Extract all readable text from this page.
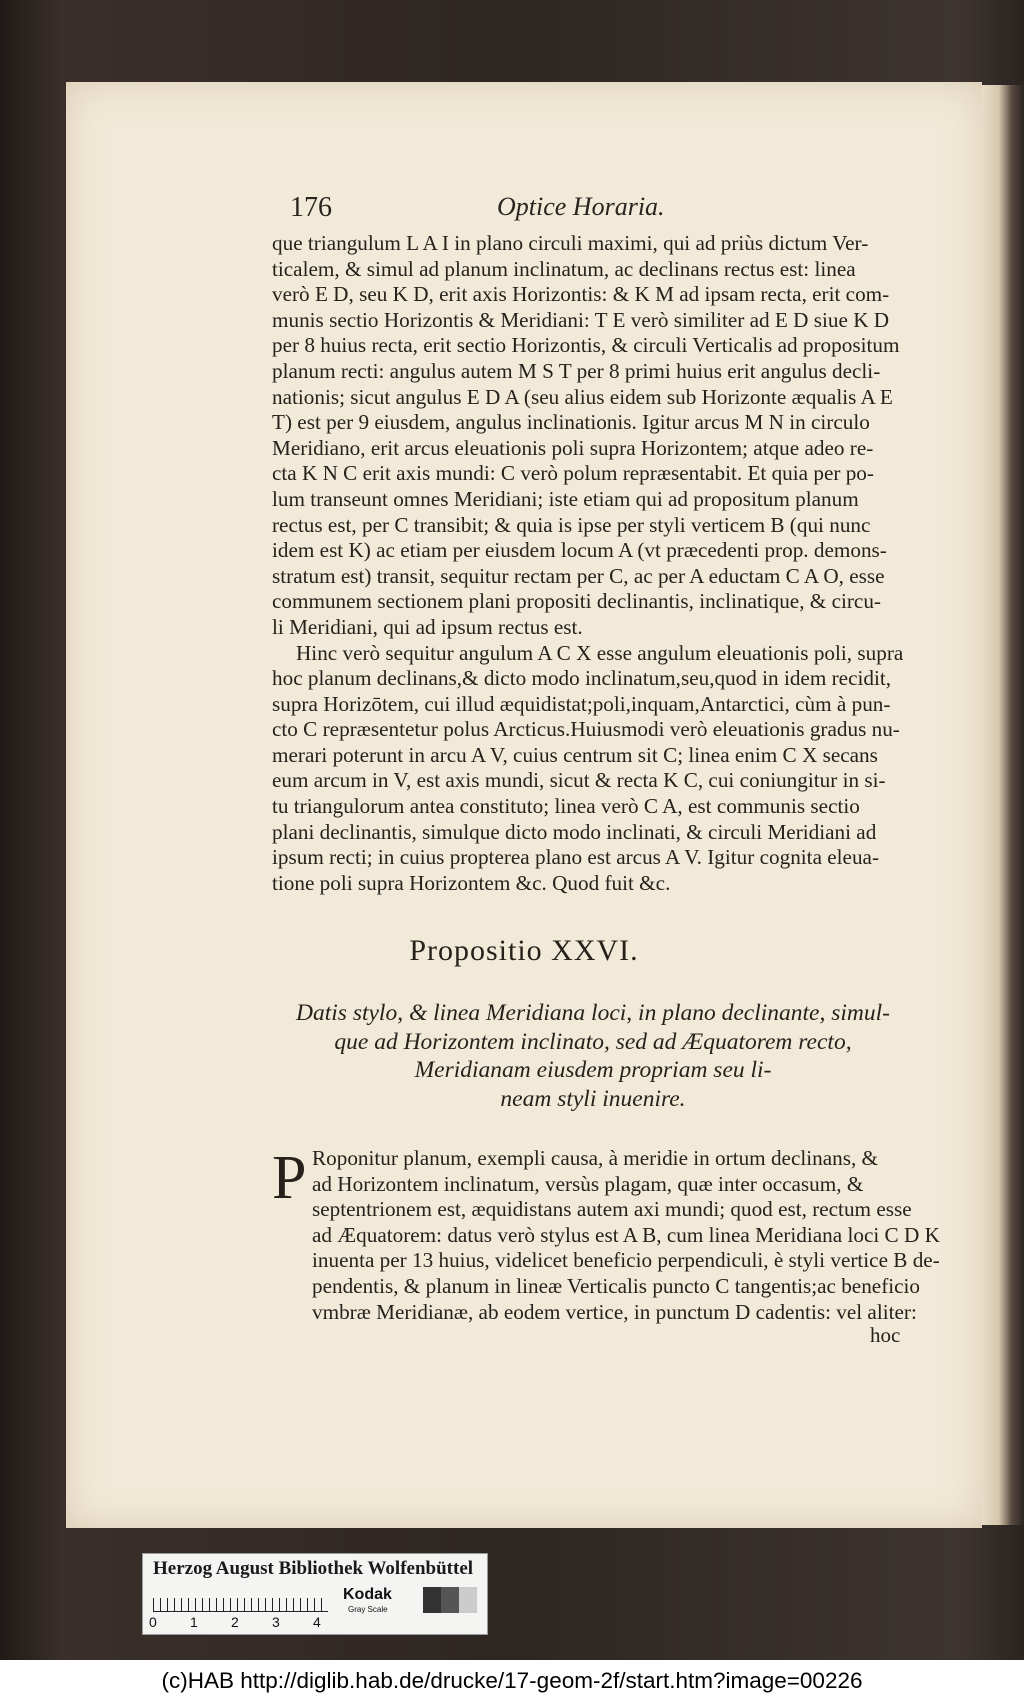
176	Optice Horaria.
que triangulum L A I in plano circuli maximi, qui ad priùs dictum Ver-
ticalem, & simul ad planum inclinatum, ac declinans rectus est: linea
verò E D, seu K D, erit axis Horizontis: & K M ad ipsam recta, erit com-
munis sectio Horizontis & Meridiani: T E verò similiter ad E D siue K D
per 8 huius recta, erit sectio Horizontis, & circuli Verticalis ad propositum
planum recti: angulus autem M S T per 8 primi huius erit angulus decli-
nationis; sicut angulus E D A (seu alius eidem sub Horizonte æqualis A E
T) est per 9 eiusdem, angulus inclinationis. Igitur arcus M N in circulo
Meridiano, erit arcus eleuationis poli supra Horizontem; atque adeo re-
cta K N C erit axis mundi: C verò polum repræsentabit. Et quia per po-
lum transeunt omnes Meridiani; iste etiam qui ad propositum planum
rectus est, per C transibit; & quia is ipse per styli verticem B (qui nunc
idem est K) ac etiam per eiusdem locum A (vt præcedenti prop. demons-
stratum est) transit, sequitur rectam per C, ac per A eductam C A O, esse
communem sectionem plani propositi declinantis, inclinatique, & circu-
li Meridiani, qui ad ipsum rectus est.
Hinc verò sequitur angulum A C X esse angulum eleuationis poli, supra
hoc planum declinans,& dicto modo inclinatum,seu,quod in idem recidit,
supra Horizōtem, cui illud æquidistat;poli,inquam,Antarctici, cùm à pun-
cto C repræsentetur polus Arcticus.Huiusmodi verò eleuationis gradus nu-
merari poterunt in arcu A V, cuius centrum sit C; linea enim C X secans
eum arcum in V, est axis mundi, sicut & recta K C, cui coniungitur in si-
tu triangulorum antea constituto; linea verò C A, est communis sectio
plani declinantis, simulque dicto modo inclinati, & circuli Meridiani ad
ipsum recti; in cuius propterea plano est arcus A V. Igitur cognita eleua-
tione poli supra Horizontem &c. Quod fuit &c.
Propositio XXVI.
Datis stylo, & linea Meridiana loci, in plano declinante, simul-
que ad Horizontem inclinato, sed ad Æquatorem recto,
Meridianam eiusdem propriam seu li-
neam styli inuenire.
P Roponitur planum, exempli causa, à meridie in ortum declinans, &
ad Horizontem inclinatum, versùs plagam, quæ inter occasum, &
septentrionem est, æquidistans autem axi mundi; quod est, rectum esse
ad Æquatorem: datus verò stylus est A B, cum linea Meridiana loci C D K
inuenta per 13 huius, videlicet beneficio perpendiculi, è styli vertice B de-
pendentis, & planum in lineæ Verticalis puncto C tangentis;ac beneficio
vmbræ Meridianæ, ab eodem vertice, in punctum D cadentis: vel aliter:
hoc
Herzog August Bibliothek Wolfenbüttel
0 1 2 3 4
Kodak
Gray Scale
(c)HAB http://diglib.hab.de/drucke/17-geom-2f/start.htm?image=00226
